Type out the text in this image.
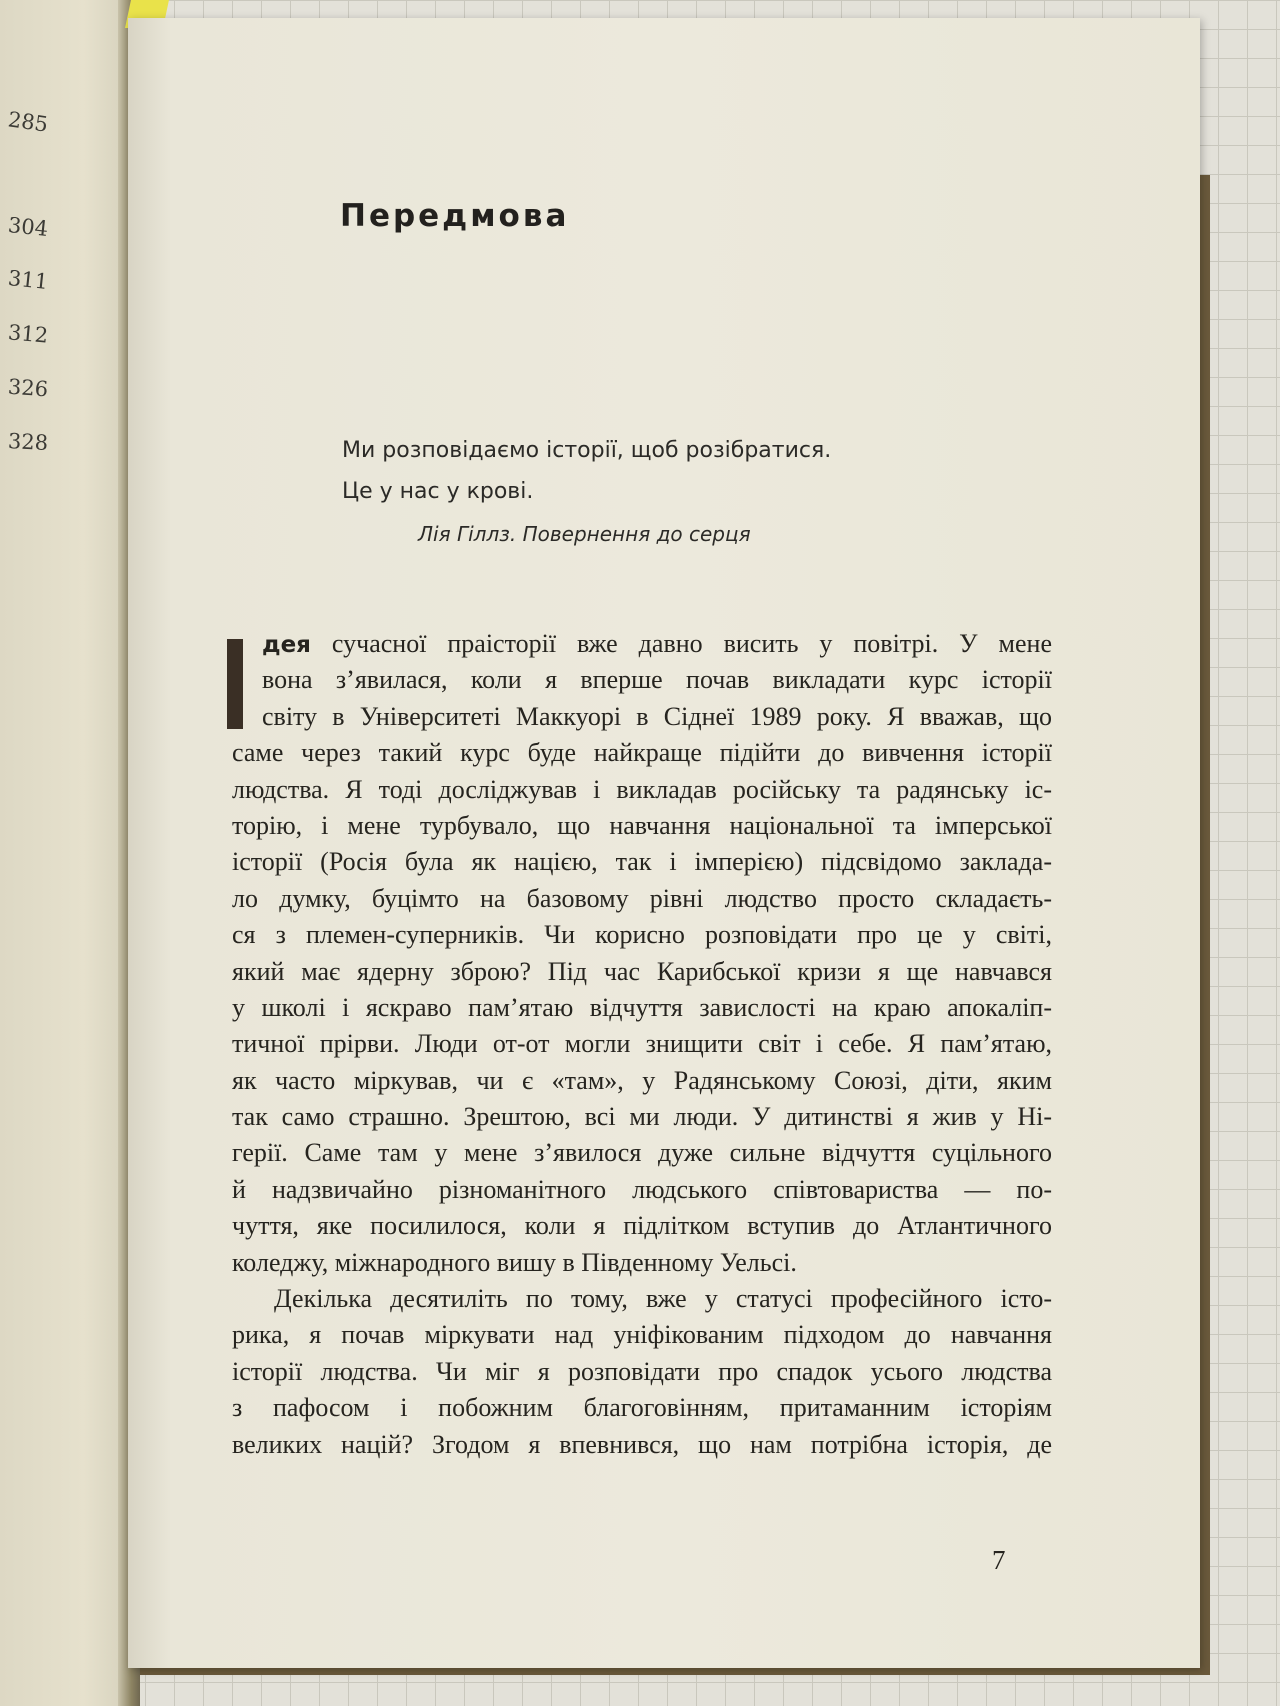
285
304
311
312
326
328
Передмова
Ми розповідаємо історії, щоб розібратися.
Це у нас у крові.
Лія Гіллз. Повернення до серця
дея сучасної праісторії вже давно висить у повітрі. У мене
вона з’явилася, коли я вперше почав викладати курс історії
світу в Університеті Маккуорі в Сіднеї 1989 року. Я вважав, що
саме через такий курс буде найкраще підійти до вивчення історії
людства. Я тоді досліджував і викладав російську та радянську іс-
торію, і мене турбувало, що навчання національної та імперської
історії (Росія була як нацією, так і імперією) підсвідомо заклада-
ло думку, буцімто на базовому рівні людство просто складаєть-
ся з племен-суперників. Чи корисно розповідати про це у світі,
який має ядерну зброю? Під час Карибської кризи я ще навчався
у школі і яскраво пам’ятаю відчуття завислості на краю апокаліп-
тичної прірви. Люди от-от могли знищити світ і себе. Я пам’ятаю,
як часто міркував, чи є «там», у Радянському Союзі, діти, яким
так само страшно. Зрештою, всі ми люди. У дитинстві я жив у Ні-
герії. Саме там у мене з’явилося дуже сильне відчуття суцільного
й надзвичайно різноманітного людського співтовариства — по-
чуття, яке посилилося, коли я підлітком вступив до Атлантичного
коледжу, міжнародного вишу в Південному Уельсі.
Декілька десятиліть по тому, вже у статусі професійного істо-
рика, я почав міркувати над уніфікованим підходом до навчання
історії людства. Чи міг я розповідати про спадок усього людства
з пафосом і побожним благоговінням, притаманним історіям
великих націй? Згодом я впевнився, що нам потрібна історія, де
7
